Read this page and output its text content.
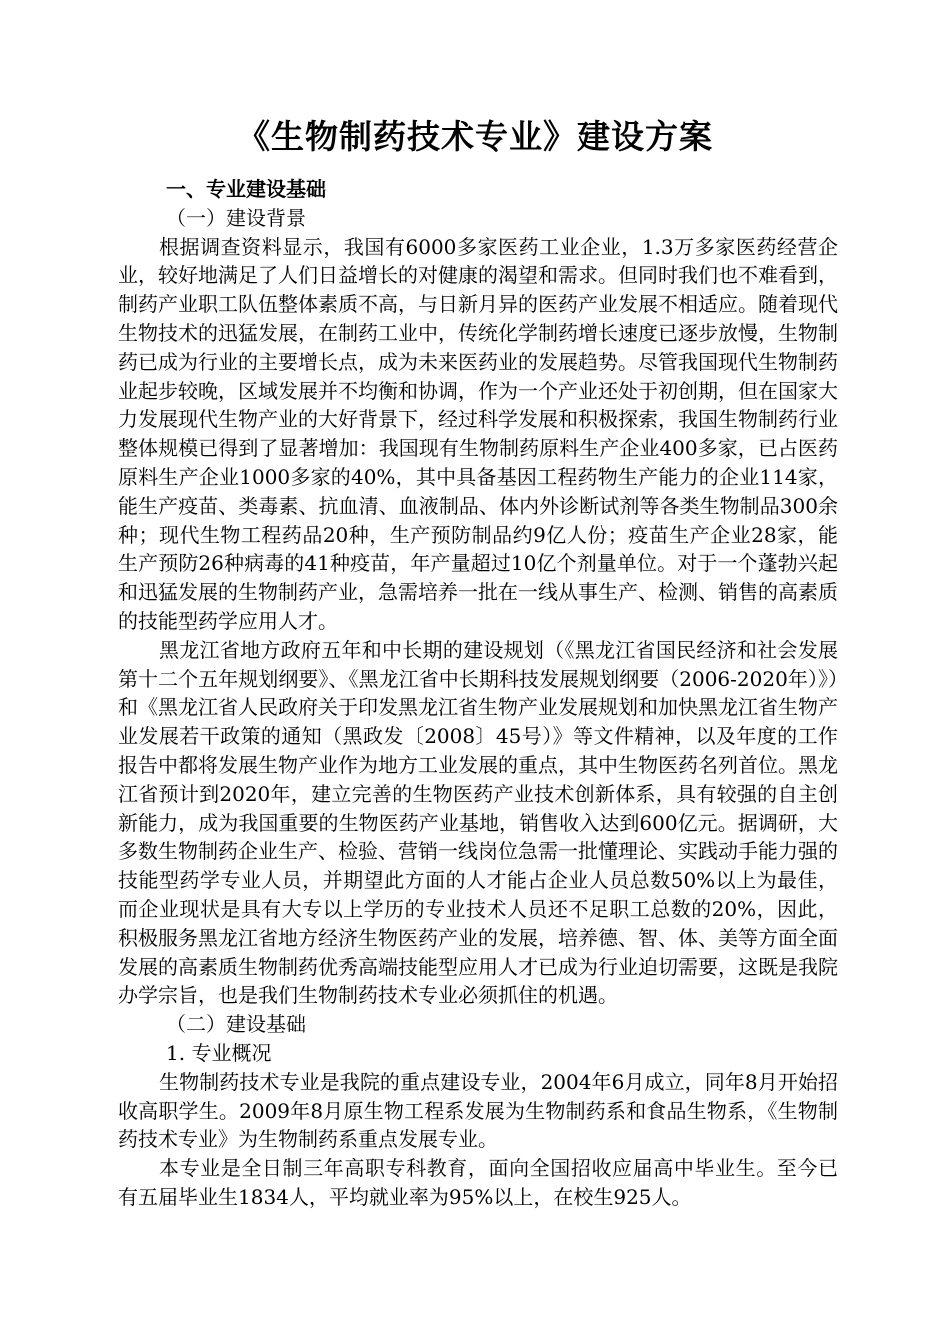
《生物制药技术专业》建设方案

一、专业建设基础

（一）建设背景

根据调查资料显示，我国有6000多家医药工业企业，1.3万多家医药经营企业，较好地满足了人们日益增长的对健康的渴望和需求。但同时我们也不难看到，制药产业职工队伍整体素质不高，与日新月异的医药产业发展不相适应。随着现代生物技术的迅猛发展，在制药工业中，传统化学制药增长速度已逐步放慢，生物制药已成为行业的主要增长点，成为未来医药业的发展趋势。尽管我国现代生物制药业起步较晚，区域发展并不均衡和协调，作为一个产业还处于初创期，但在国家大力发展现代生物产业的大好背景下，经过科学发展和积极探索，我国生物制药行业整体规模已得到了显著增加：我国现有生物制药原料生产企业400多家，已占医药原料生产企业1000多家的40%，其中具备基因工程药物生产能力的企业114家，能生产疫苗、类毒素、抗血清、血液制品、体内外诊断试剂等各类生物制品300余种；现代生物工程药品20种，生产预防制品约9亿人份；疫苗生产企业28家，能生产预防26种病毒的41种疫苗，年产量超过10亿个剂量单位。对于一个蓬勃兴起和迅猛发展的生物制药产业，急需培养一批在一线从事生产、检测、销售的高素质的技能型药学应用人才。

黑龙江省地方政府五年和中长期的建设规划（《黑龙江省国民经济和社会发展第十二个五年规划纲要》、《黑龙江省中长期科技发展规划纲要（2006-2020年）》）和《黑龙江省人民政府关于印发黑龙江省生物产业发展规划和加快黑龙江省生物产业发展若干政策的通知（黑政发〔2008〕45号）》等文件精神，以及年度的工作报告中都将发展生物产业作为地方工业发展的重点，其中生物医药名列首位。黑龙江省预计到2020年，建立完善的生物医药产业技术创新体系，具有较强的自主创新能力，成为我国重要的生物医药产业基地，销售收入达到600亿元。据调研，大多数生物制药企业生产、检验、营销一线岗位急需一批懂理论、实践动手能力强的技能型药学专业人员，并期望此方面的人才能占企业人员总数50%以上为最佳，而企业现状是具有大专以上学历的专业技术人员还不足职工总数的20%，因此，积极服务黑龙江省地方经济生物医药产业的发展，培养德、智、体、美等方面全面发展的高素质生物制药优秀高端技能型应用人才已成为行业迫切需要，这既是我院办学宗旨，也是我们生物制药技术专业必须抓住的机遇。

（二）建设基础

1. 专业概况

生物制药技术专业是我院的重点建设专业，2004年6月成立，同年8月开始招收高职学生。2009年8月原生物工程系发展为生物制药系和食品生物系，《生物制药技术专业》为生物制药系重点发展专业。

本专业是全日制三年高职专科教育，面向全国招收应届高中毕业生。至今已有五届毕业生1834人，平均就业率为95%以上，在校生925人。
